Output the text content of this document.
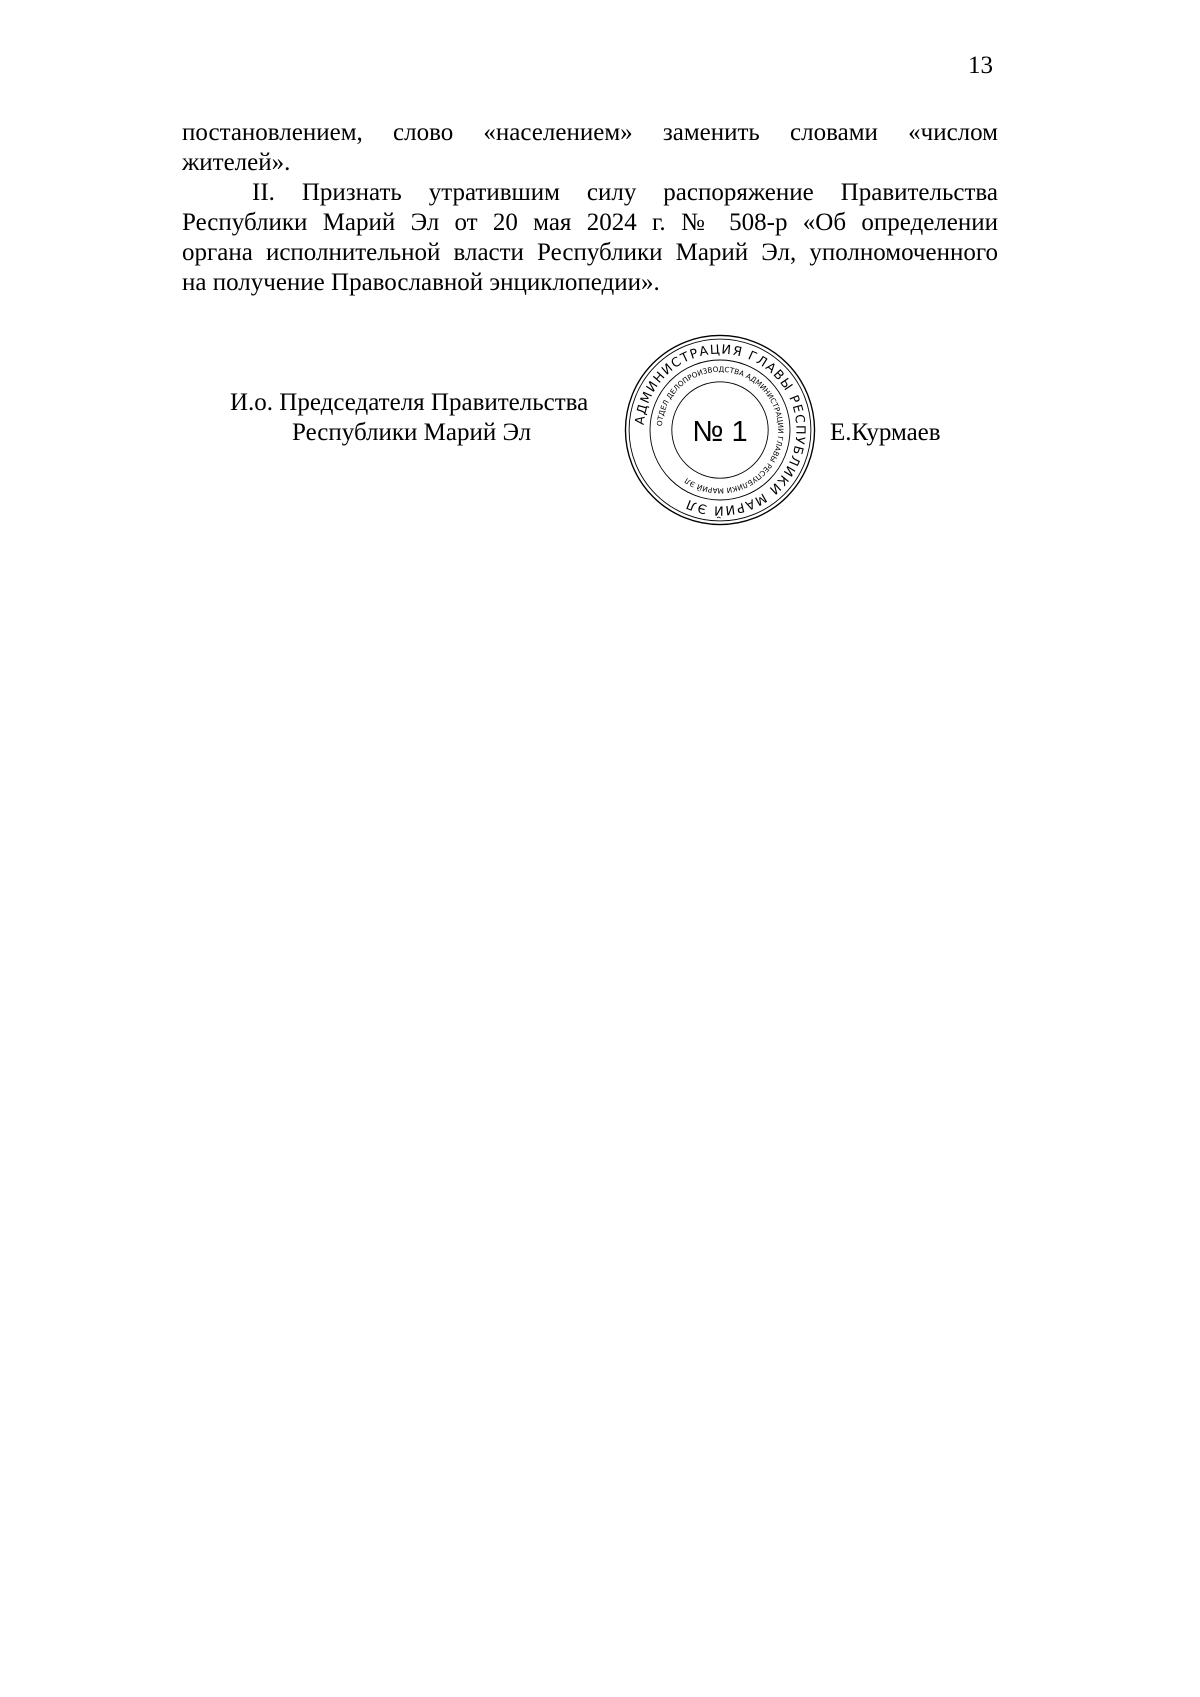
13
постановлением, слово «населением» заменить словами «числом
жителей».
II. Признать утратившим силу распоряжение Правительства
Республики Марий Эл от 20 мая 2024 г. № 508-р «Об определении
органа исполнительной власти Республики Марий Эл, уполномоченного
на получение Православной энциклопедии».
И.о. Председателя Правительства
Республики Марий Эл	Е.Курмаев
АДМИНИСТРАЦИЯ ГЛАВЫ РЕСПУБЛИКИ МАРИЙ ЭЛ
ОТДЕЛ ДЕЛОПРОИЗВОДСТВА АДМИНИСТРАЦИИ ГЛАВЫ РЕСПУБЛИКИ МАРИЙ ЭЛ
№ 1
